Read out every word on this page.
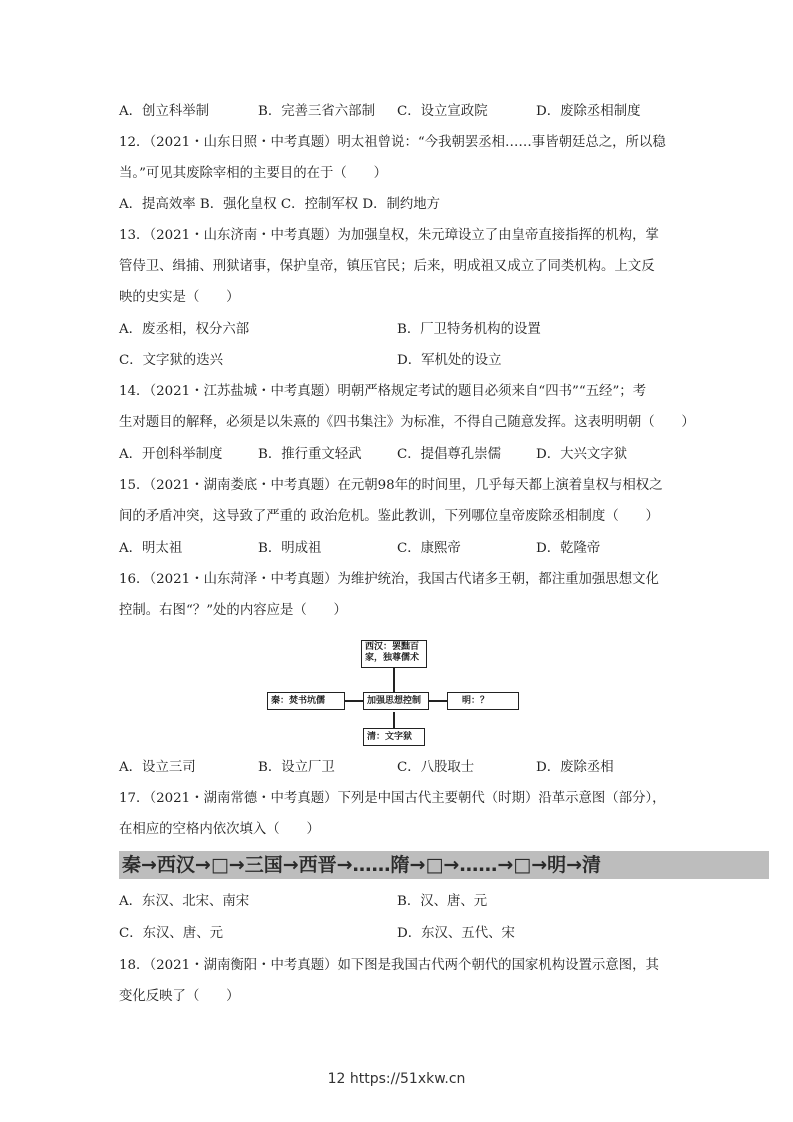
A．创立科举制	B．完善三省六部制 C．设立宣政院	D．废除丞相制度
12．（2021・山东日照・中考真题）明太祖曾说：“今我朝罢丞相……事皆朝廷总之，所以稳
当。”可见其废除宰相的主要目的在于（　　）
A．提高效率 B．强化皇权 C．控制军权 D．制约地方
13．（2021・山东济南・中考真题）为加强皇权，朱元璋设立了由皇帝直接指挥的机构，掌
管侍卫、缉捕、刑狱诸事，保护皇帝，镇压官民；后来，明成祖又成立了同类机构。上文反
映的史实是（　　）
A．废丞相，权分六部	B．厂卫特务机构的设置
C．文字狱的迭兴	D．军机处的设立
14．（2021・江苏盐城・中考真题）明朝严格规定考试的题目必须来自“四书”“五经”；考
生对题目的解释，必须是以朱熹的《四书集注》为标准，不得自己随意发挥。这表明明朝（　　）
A．开创科举制度	B．推行重文轻武	C．提倡尊孔崇儒	D．大兴文字狱
15．（2021・湖南娄底・中考真题）在元朝98年的时间里，几乎每天都上演着皇权与相权之
间的矛盾冲突，这导致了严重的 政治危机。鉴此教训，下列哪位皇帝废除丞相制度（　　）
A．明太祖	B．明成祖	C．康熙帝	D．乾隆帝
16．（2021・山东菏泽・中考真题）为维护统治，我国古代诸多王朝，都注重加强思想文化
控制。右图“？”处的内容应是（　　）
西汉：罢黜百
家，独尊儒术
秦：焚书坑儒	加强思想控制	明：？
清：文字狱
A．设立三司	B．设立厂卫	C．八股取士	D．废除丞相
17．（2021・湖南常德・中考真题）下列是中国古代主要朝代（时期）沿革示意图（部分），
在相应的空格内依次填入（　　）
秦→西汉→□→三国→西晋→……隋→□→……→□→明→清
A．东汉、北宋、南宋	B．汉、唐、元
C．东汉、唐、元	D．东汉、五代、宋
18．（2021・湖南衡阳・中考真题）如下图是我国古代两个朝代的国家机构设置示意图，其
变化反映了（　　）
12 https://51xkw.cn
